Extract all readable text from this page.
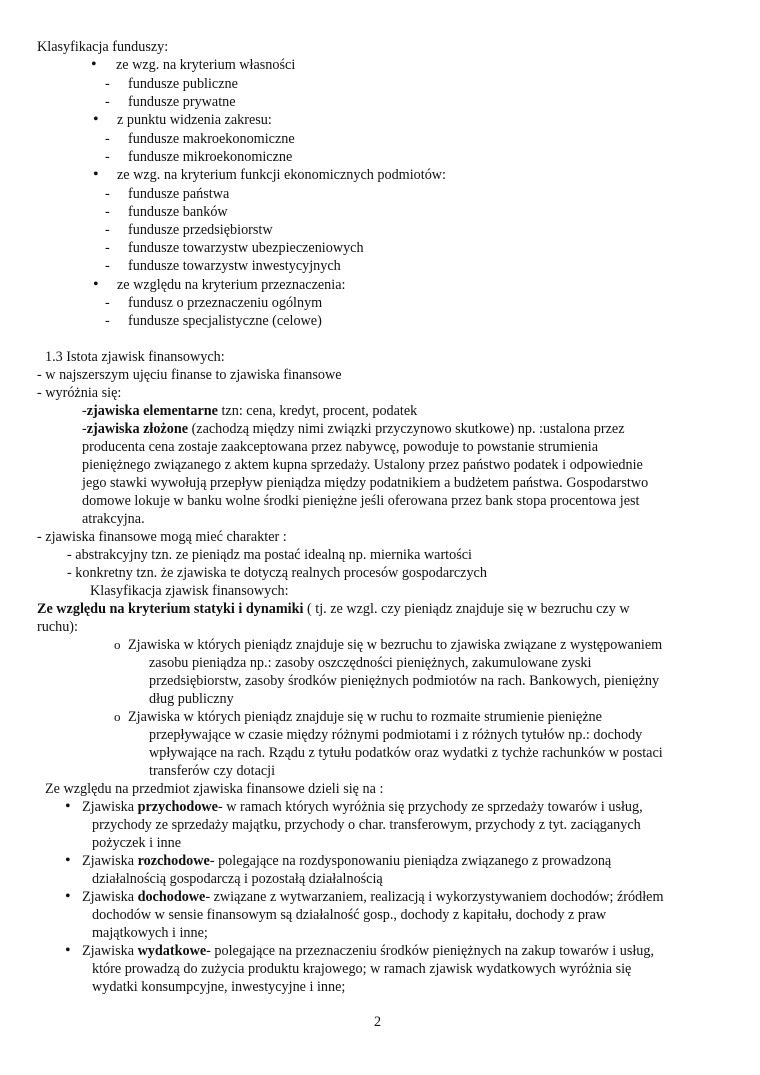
Klasyfikacja funduszy:
• ze wzg. na kryterium własności
- fundusze publiczne
- fundusze prywatne
• z punktu widzenia zakresu:
- fundusze makroekonomiczne
- fundusze mikroekonomiczne
• ze wzg. na kryterium funkcji ekonomicznych podmiotów:
- fundusze państwa
- fundusze banków
- fundusze przedsiębiorstw
- fundusze towarzystw ubezpieczeniowych
- fundusze towarzystw inwestycyjnych
• ze względu na kryterium przeznaczenia:
- fundusz o przeznaczeniu ogólnym
- fundusze specjalistyczne (celowe)
1.3 Istota zjawisk finansowych:
- w najszerszym ujęciu finanse to zjawiska finansowe
- wyróżnia się:
-zjawiska elementarne tzn: cena, kredyt, procent, podatek
-zjawiska złożone (zachodzą między nimi związki przyczynowo skutkowe) np. :ustalona przez
producenta cena zostaje zaakceptowana przez nabywcę, powoduje to powstanie strumienia
pieniężnego związanego z aktem kupna sprzedaży. Ustalony przez państwo podatek i odpowiednie
jego stawki wywołują przepływ pieniądza między podatnikiem a budżetem państwa. Gospodarstwo
domowe lokuje w banku wolne środki pieniężne jeśli oferowana przez bank stopa procentowa jest
atrakcyjna.
- zjawiska finansowe mogą mieć charakter :
- abstrakcyjny tzn. ze pieniądz ma postać idealną np. miernika wartości
- konkretny tzn. że zjawiska te dotyczą realnych procesów gospodarczych
Klasyfikacja zjawisk finansowych:
Ze względu na kryterium statyki i dynamiki ( tj. ze wzgl. czy pieniądz znajduje się w bezruchu czy w
ruchu):
o Zjawiska w których pieniądz znajduje się w bezruchu to zjawiska związane z występowaniem
zasobu pieniądza np.: zasoby oszczędności pieniężnych, zakumulowane zyski
przedsiębiorstw, zasoby środków pieniężnych podmiotów na rach. Bankowych, pieniężny
dług publiczny
o Zjawiska w których pieniądz znajduje się w ruchu to rozmaite strumienie pieniężne
przepływające w czasie między różnymi podmiotami i z różnych tytułów np.: dochody
wpływające na rach. Rządu z tytułu podatków oraz wydatki z tychże rachunków w postaci
transferów czy dotacji
Ze względu na przedmiot zjawiska finansowe dzieli się na :
• Zjawiska przychodowe- w ramach których wyróżnia się przychody ze sprzedaży towarów i usług,
przychody ze sprzedaży majątku, przychody o char. transferowym, przychody z tyt. zaciąganych
pożyczek i inne
• Zjawiska rozchodowe- polegające na rozdysponowaniu pieniądza związanego z prowadzoną
działalnością gospodarczą i pozostałą działalnością
• Zjawiska dochodowe- związane z wytwarzaniem, realizacją i wykorzystywaniem dochodów; źródłem
dochodów w sensie finansowym są działalność gosp., dochody z kapitału, dochody z praw
majątkowych i inne;
• Zjawiska wydatkowe- polegające na przeznaczeniu środków pieniężnych na zakup towarów i usług,
które prowadzą do zużycia produktu krajowego; w ramach zjawisk wydatkowych wyróżnia się
wydatki konsumpcyjne, inwestycyjne i inne;
2
